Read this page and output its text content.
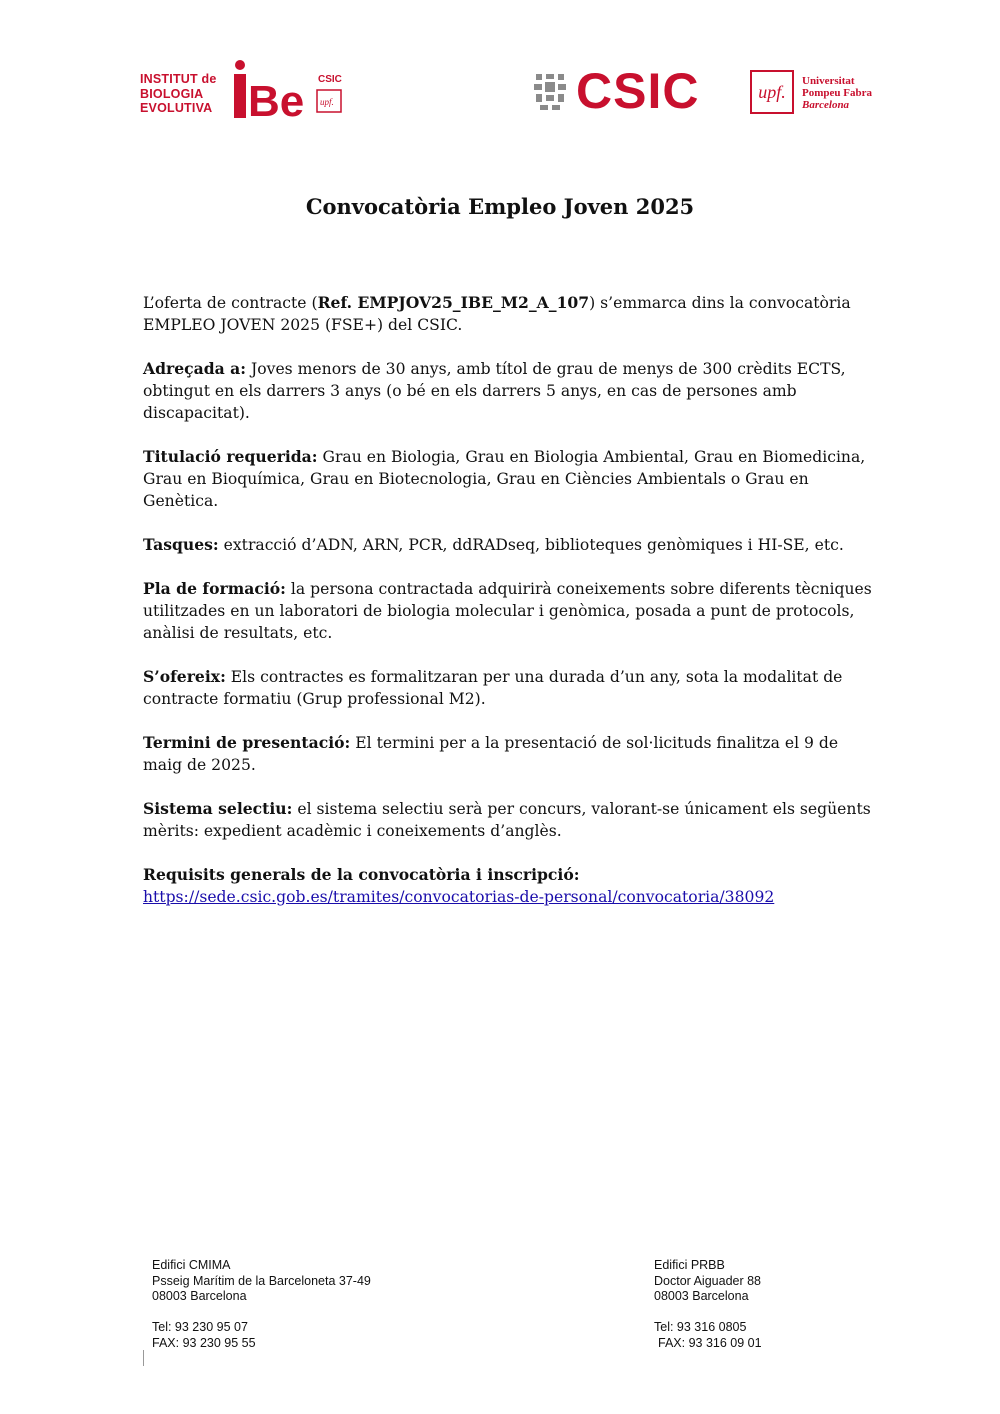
INSTITUT de
BIOLOGIA
EVOLUTIVA Be CSIC
upf.	CSIC	upf.
Universitat
Pompeu Fabra
Barcelona
Convocatòria Empleo Joven 2025

L’oferta de contracte (Ref. EMPJOV25_IBE_M2_A_107) s’emmarca dins la convocatòria EMPLEO JOVEN 2025 (FSE+) del CSIC.

Adreçada a: Joves menors de 30 anys, amb títol de grau de menys de 300 crèdits ECTS, obtingut en els darrers 3 anys (o bé en els darrers 5 anys, en cas de persones amb discapacitat).

Titulació requerida: Grau en Biologia, Grau en Biologia Ambiental, Grau en Biomedicina, Grau en Bioquímica, Grau en Biotecnologia, Grau en Ciències Ambientals o Grau en Genètica.

Tasques: extracció d’ADN, ARN, PCR, ddRADseq, biblioteques genòmiques i HI-SE, etc.

Pla de formació: la persona contractada adquirirà coneixements sobre diferents tècniques utilitzades en un laboratori de biologia molecular i genòmica, posada a punt de protocols, anàlisi de resultats, etc.

S’ofereix: Els contractes es formalitzaran per una durada d’un any, sota la modalitat de contracte formatiu (Grup professional M2).

Termini de presentació: El termini per a la presentació de sol·licituds finalitza el 9 de maig de 2025.

Sistema selectiu: el sistema selectiu serà per concurs, valorant-se únicament els següents mèrits: expedient acadèmic i coneixements d’anglès.

Requisits generals de la convocatòria i inscripció:
https://sede.csic.gob.es/tramites/convocatorias-de-personal/convocatoria/38092

Edifici CMIMA
Psseig Marítim de la Barceloneta 37-49
08003 Barcelona
Tel: 93 230 95 07
FAX: 93 230 95 55
Edifici PRBB
Doctor Aiguader 88
08003 Barcelona
Tel: 93 316 0805
FAX: 93 316 09 01
